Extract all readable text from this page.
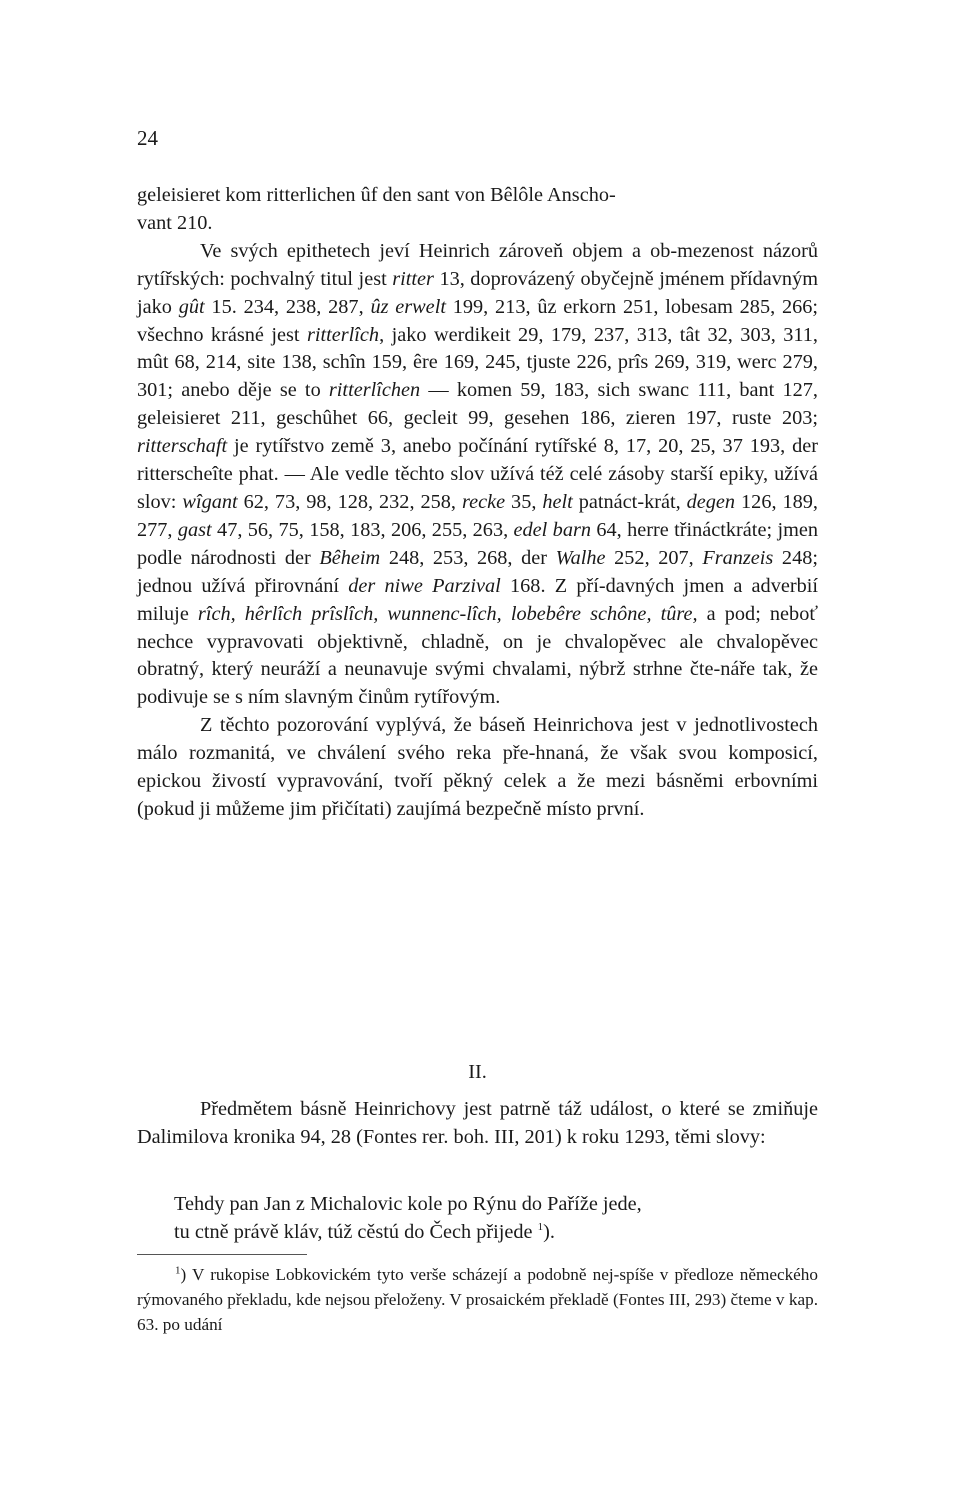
24

geleisieret kom ritterlichen ûf den sant von Bêlôle Anscho-
vant 210.

Ve svých epithetech jeví Heinrich zároveň objem a ob-mezenost názorů rytířských: pochvalný titul jest ritter 13, doprovázený obyčejně jménem přídavným jako gût 15. 234, 238, 287, ûz erwelt 199, 213, ûz erkorn 251, lobesam 285, 266; všechno krásné jest ritterlîch, jako werdikeit 29, 179, 237, 313, tât 32, 303, 311, mût 68, 214, site 138, schîn 159, êre 169, 245, tjuste 226, prîs 269, 319, werc 279, 301; anebo děje se to ritterlîchen — komen 59, 183, sich swanc 111, bant 127, geleisieret 211, geschûhet 66, gecleit 99, gesehen 186, zieren 197, ruste 203; ritterschaft je rytířstvo země 3, anebo počínání rytířské 8, 17, 20, 25, 37 193, der ritterscheîte phat. — Ale vedle těchto slov užívá též celé zásoby starší epiky, užívá slov: wîgant 62, 73, 98, 128, 232, 258, recke 35, helt patnáct-krát, degen 126, 189, 277, gast 47, 56, 75, 158, 183, 206, 255, 263, edel barn 64, herre třináctkráte; jmen podle národnosti der Bêheim 248, 253, 268, der Walhe 252, 207, Franzeis 248; jednou užívá přirovnání der niwe Parzival 168. Z pří-davných jmen a adverbií miluje rîch, hêrlîch prîslîch, wunnenc-lîch, lobebêre schône, tûre, a pod; neboť nechce vypravovati objektivně, chladně, on je chvalopěvec ale chvalopěvec obratný, který neuráží a neunavuje svými chvalami, nýbrž strhne čte-náře tak, že podivuje se s ním slavným činům rytířovým.

Z těchto pozorování vyplývá, že báseň Heinrichova jest v jednotlivostech málo rozmanitá, ve chválení svého reka pře-hnaná, že však svou komposicí, epickou živostí vypravování, tvoří pěkný celek a že mezi básněmi erbovními (pokud ji můžeme jim přičítati) zaujímá bezpečně místo první.

II.

Předmětem básně Heinrichovy jest patrně táž událost, o které se zmiňuje Dalimilova kronika 94, 28 (Fontes rer. boh. III, 201) k roku 1293, těmi slovy:

Tehdy pan Jan z Michalovic kole po Rýnu do Paříže jede,
tu ctně právě kláv, túž cěstú do Čech přijede $^1$).

$^1$) V rukopise Lobkovickém tyto verše scházejí a podobně nej-spíše v předloze německého rýmovaného překladu, kde nejsou přeloženy. V prosaickém překladě (Fontes III, 293) čteme v kap. 63. po udání
